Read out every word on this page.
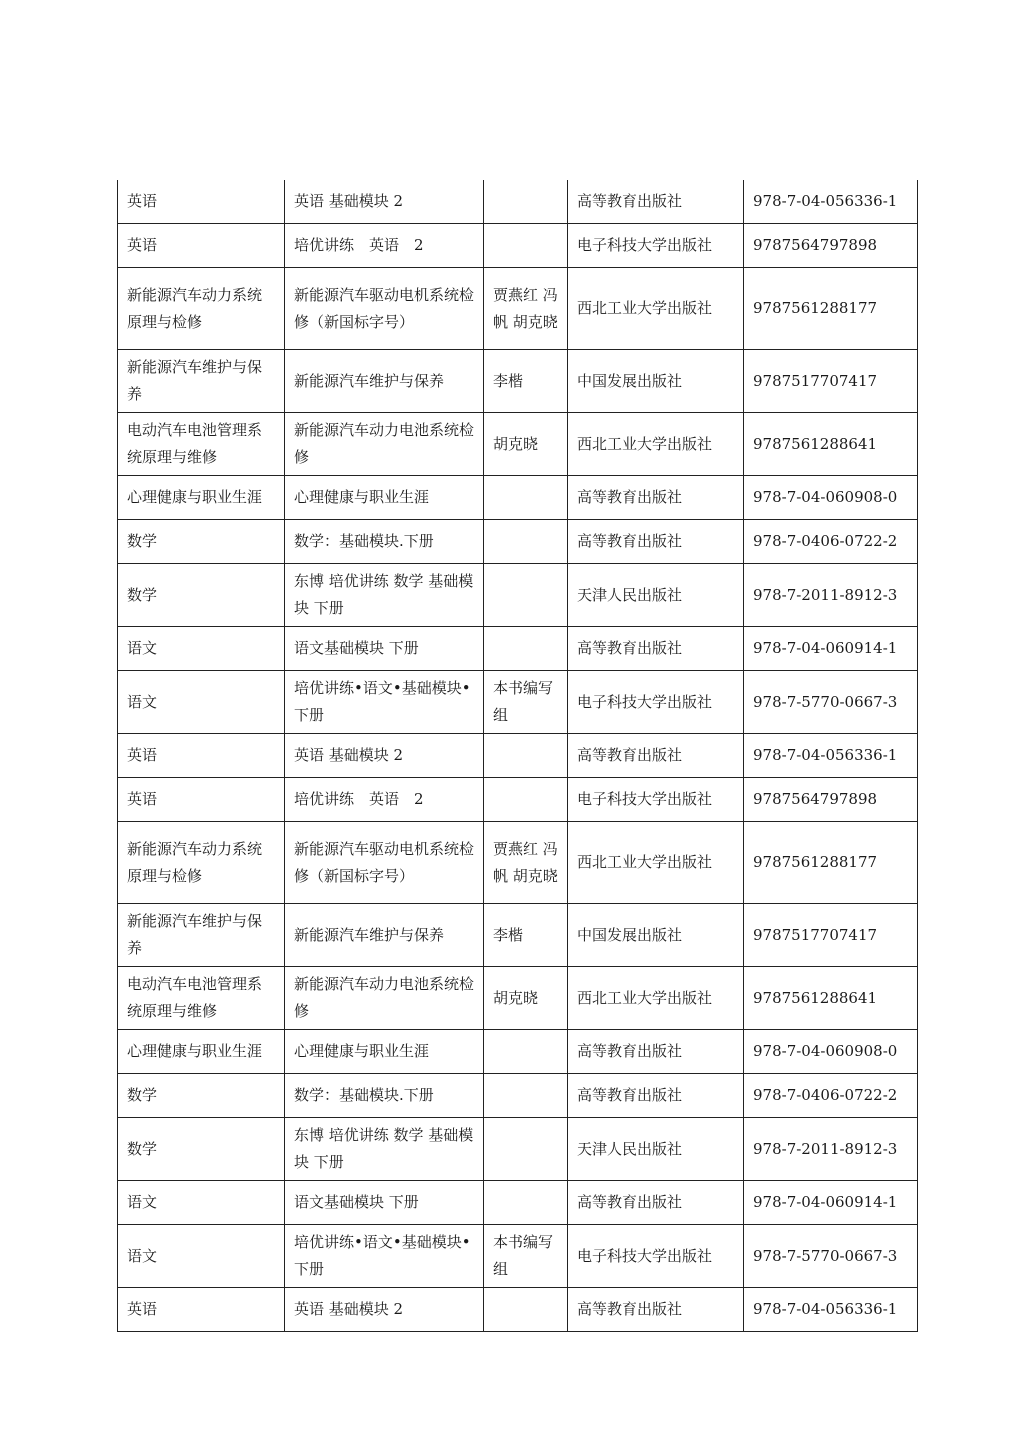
英语	英语 基础模块 2		高等教育出版社	978-7-04-056336-1
英语	培优讲练　英语　2		电子科技大学出版社	9787564797898
新能源汽车动力系统原理与检修	新能源汽车驱动电机系统检修（新国标字号）	贾燕红 冯　帆 胡克晓	西北工业大学出版社	9787561288177
新能源汽车维护与保养	新能源汽车维护与保养	李楷	中国发展出版社	9787517707417
电动汽车电池管理系统原理与维修	新能源汽车动力电池系统检修	胡克晓	西北工业大学出版社	9787561288641
心理健康与职业生涯	心理健康与职业生涯		高等教育出版社	978-7-04-060908-0
数学	数学：基础模块.下册		高等教育出版社	978-7-0406-0722-2
数学	东博 培优讲练 数学 基础模块 下册		天津人民出版社	978-7-2011-8912-3
语文	语文基础模块 下册		高等教育出版社	978-7-04-060914-1
语文	培优讲练•语文•基础模块•下册	本书编写组	电子科技大学出版社	978-7-5770-0667-3
英语	英语 基础模块 2		高等教育出版社	978-7-04-056336-1
英语	培优讲练　英语　2		电子科技大学出版社	9787564797898
新能源汽车动力系统原理与检修	新能源汽车驱动电机系统检修（新国标字号）	贾燕红 冯　帆 胡克晓	西北工业大学出版社	9787561288177
新能源汽车维护与保养	新能源汽车维护与保养	李楷	中国发展出版社	9787517707417
电动汽车电池管理系统原理与维修	新能源汽车动力电池系统检修	胡克晓	西北工业大学出版社	9787561288641
心理健康与职业生涯	心理健康与职业生涯		高等教育出版社	978-7-04-060908-0
数学	数学：基础模块.下册		高等教育出版社	978-7-0406-0722-2
数学	东博 培优讲练 数学 基础模块 下册		天津人民出版社	978-7-2011-8912-3
语文	语文基础模块 下册		高等教育出版社	978-7-04-060914-1
语文	培优讲练•语文•基础模块•下册	本书编写组	电子科技大学出版社	978-7-5770-0667-3
英语	英语 基础模块 2		高等教育出版社	978-7-04-056336-1
